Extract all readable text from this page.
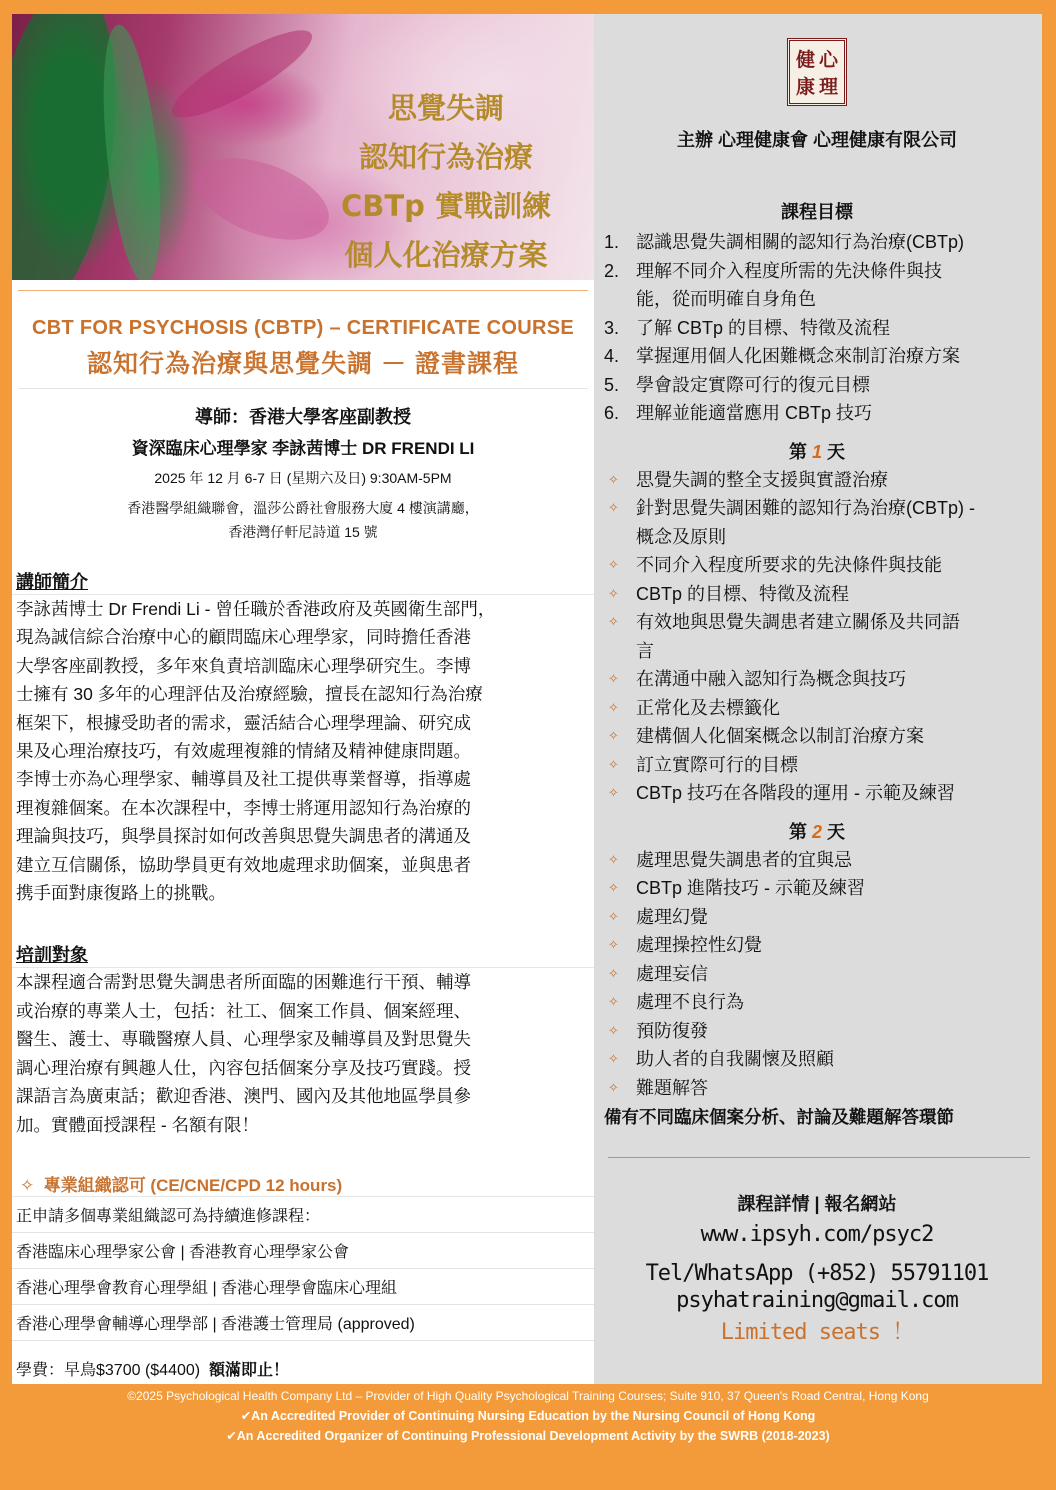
思覺失調
認知行為治療
CBTp 實戰訓練
個人化治療方案
CBT FOR PSYCHOSIS (CBTP) – CERTIFICATE COURSE
認知行為治療與思覺失調 － 證書課程
導師：香港大學客座副教授
資深臨床心理學家 李詠茜博士 DR FRENDI LI
2025 年 12 月 6-7 日 (星期六及日) 9:30AM-5PM
香港醫學組織聯會，溫莎公爵社會服務大廈 4 樓演講廳，
香港灣仔軒尼詩道 15 號
講師簡介
李詠茜博士 Dr Frendi Li - 曾任職於香港政府及英國衛生部門，
現為誠信綜合治療中心的顧問臨床心理學家，同時擔任香港
大學客座副教授，多年來負責培訓臨床心理學研究生。李博
士擁有 30 多年的心理評估及治療經驗，擅長在認知行為治療
框架下，根據受助者的需求，靈活結合心理學理論、研究成
果及心理治療技巧，有效處理複雜的情緒及精神健康問題。
李博士亦為心理學家、輔導員及社工提供專業督導，指導處
理複雜個案。在本次課程中，李博士將運用認知行為治療的
理論與技巧，與學員探討如何改善與思覺失調患者的溝通及
建立互信關係，協助學員更有效地處理求助個案，並與患者
携手面對康復路上的挑戰。
培訓對象
本課程適合需對思覺失調患者所面臨的困難進行干預、輔導
或治療的專業人士，包括：社工、個案工作員、個案經理、
醫生、護士、專職醫療人員、心理學家及輔導員及對思覺失
調心理治療有興趣人仕，內容包括個案分享及技巧實踐。授
課語言為廣東話；歡迎香港、澳門、國內及其他地區學員參
加。實體面授課程 - 名額有限！
✧ 專業組織認可 (CE/CNE/CPD 12 hours)
正申請多個專業組織認可為持續進修課程：
香港臨床心理學家公會 | 香港教育心理學家公會
香港心理學會教育心理學組 | 香港心理學會臨床心理組
香港心理學會輔導心理學部 | 香港護士管理局 (approved)
學費：早鳥$3700 ($4400) 額滿即止！
健 心
康 理
主辦 心理健康會 心理健康有限公司
課程目標
1. 認識思覺失調相關的認知行為治療(CBTp)
2. 理解不同介入程度所需的先決條件與技
能，從而明確自身角色
3. 了解 CBTp 的目標、特徵及流程
4. 掌握運用個人化困難概念來制訂治療方案
5. 學會設定實際可行的復元目標
6. 理解並能適當應用 CBTp 技巧
第 1 天
✧ 思覺失調的整全支援與實證治療
✧ 針對思覺失調困難的認知行為治療(CBTp) -
概念及原則
✧ 不同介入程度所要求的先決條件與技能
✧ CBTp 的目標、特徵及流程
✧ 有效地與思覺失調患者建立關係及共同語
言
✧ 在溝通中融入認知行為概念與技巧
✧ 正常化及去標籤化
✧ 建構個人化個案概念以制訂治療方案
✧ 訂立實際可行的目標
✧ CBTp 技巧在各階段的運用 - 示範及練習
第 2 天
✧ 處理思覺失調患者的宜與忌
✧ CBTp 進階技巧 - 示範及練習
✧ 處理幻覺
✧ 處理操控性幻覺
✧ 處理妄信
✧ 處理不良行為
✧ 預防復發
✧ 助人者的自我關懷及照顧
✧ 難題解答
備有不同臨床個案分析、討論及難題解答環節
課程詳情 | 報名網站
www.ipsyh.com/psyc2
Tel/WhatsApp (+852) 55791101
psyhatraining@gmail.com
Limited seats ！
©2025 Psychological Health Company Ltd – Provider of High Quality Psychological Training Courses; Suite 910, 37 Queen's Road Central, Hong Kong
✔An Accredited Provider of Continuing Nursing Education by the Nursing Council of Hong Kong
✔An Accredited Organizer of Continuing Professional Development Activity by the SWRB (2018-2023)
